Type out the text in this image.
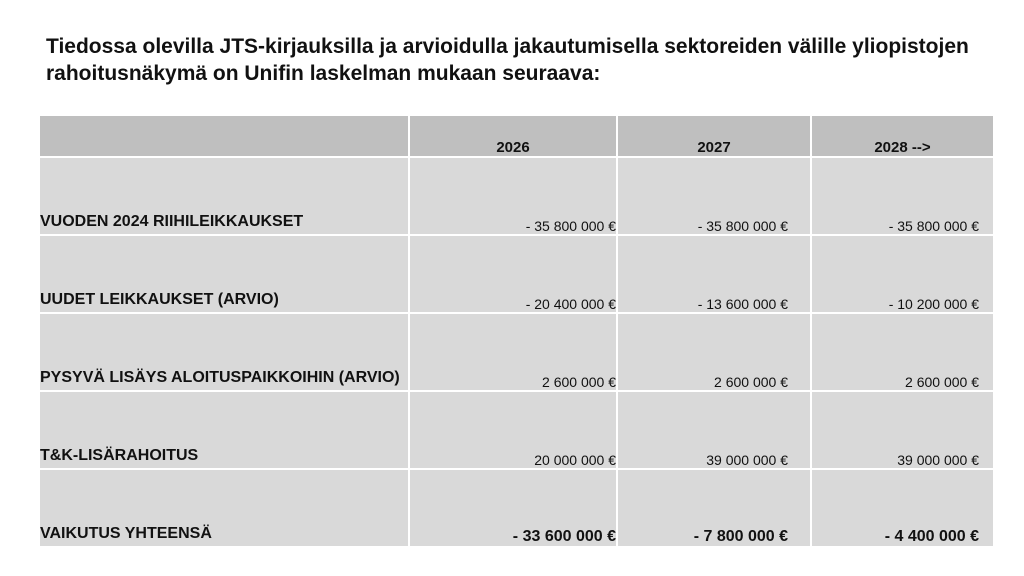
Tiedossa olevilla JTS-kirjauksilla ja arvioidulla jakautumisella sektoreiden välille yliopistojen rahoitusnäkymä on Unifin laskelman mukaan seuraava:
	2026	2027	2028 -->
VUODEN 2024 RIIHILEIKKAUKSET	- 35 800 000 €	- 35 800 000 €	- 35 800 000 €
UUDET LEIKKAUKSET (ARVIO)	- 20 400 000 €	- 13 600 000 €	- 10 200 000 €
PYSYVÄ LISÄYS ALOITUSPAIKKOIHIN (ARVIO)	2 600 000 €	2 600 000 €	2 600 000 €
T&K-LISÄRAHOITUS	20 000 000 €	39 000 000 €	39 000 000 €
VAIKUTUS YHTEENSÄ	- 33 600 000 €	- 7 800 000 €	- 4 400 000 €
